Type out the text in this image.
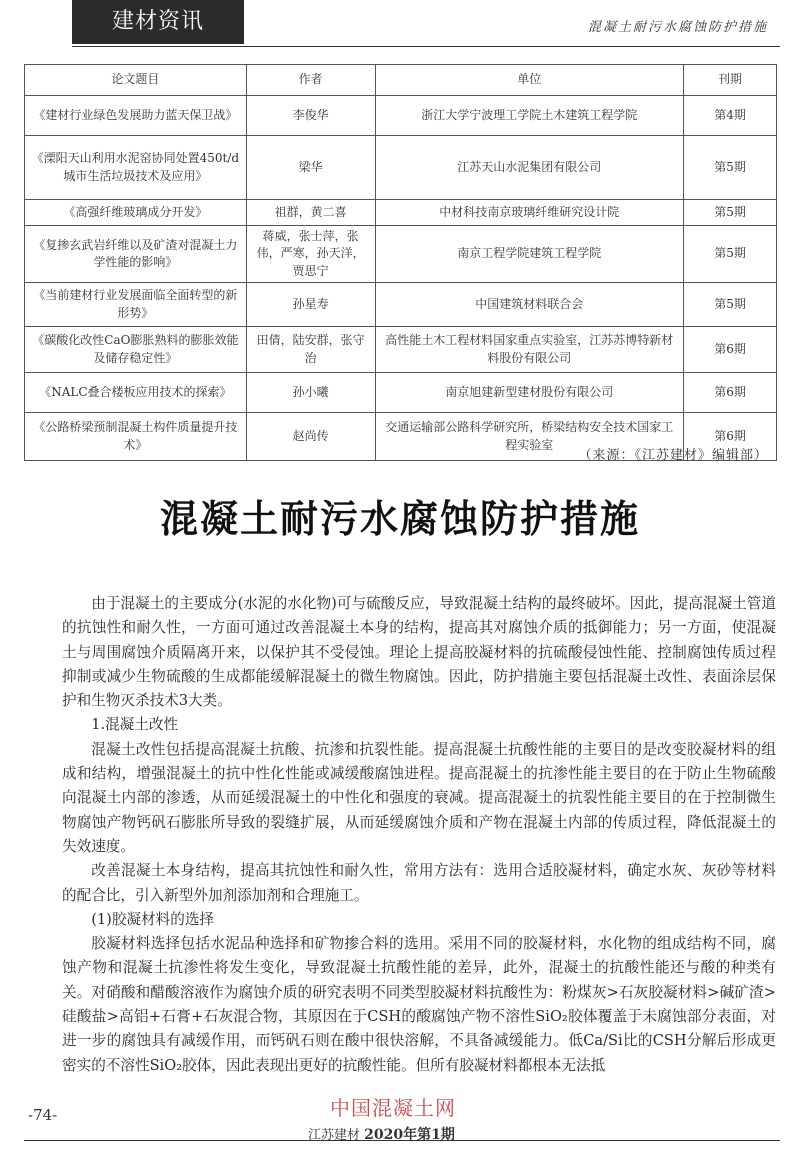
建材资讯	混凝土耐污水腐蚀防护措施
论文题目	作者	单位	刊期
《建材行业绿色发展助力蓝天保卫战》	李俊华	浙江大学宁波理工学院土木建筑工程学院	第4期
《溧阳天山利用水泥窑协同处置450t/d城市生活垃圾技术及应用》	梁华	江苏天山水泥集团有限公司	第5期
《高强纤维玻璃成分开发》	祖群，黄二喜	中材科技南京玻璃纤维研究设计院	第5期
《复掺玄武岩纤维以及矿渣对混凝土力学性能的影响》	蒋威，张士萍，张伟，严寒，孙天洋，贾思宁	南京工程学院建筑工程学院	第5期
《当前建材行业发展面临全面转型的新形势》	孙星寿	中国建筑材料联合会	第5期
《碳酸化改性CaO膨胀熟料的膨胀效能及储存稳定性》	田倩，陆安群，张守治	高性能土木工程材料国家重点实验室，江苏苏博特新材料股份有限公司	第6期
《NALC叠合楼板应用技术的探索》	孙小曦	南京旭建新型建材股份有限公司	第6期
《公路桥梁预制混凝土构件质量提升技术》	赵尚传	交通运输部公路科学研究所，桥梁结构安全技术国家工程实验室	第6期
（来源：《江苏建材》编辑部）
混凝土耐污水腐蚀防护措施

由于混凝土的主要成分(水泥的水化物)可与硫酸反应，导致混凝土结构的最终破坏。因此，提高混凝土管道的抗蚀性和耐久性，一方面可通过改善混凝土本身的结构，提高其对腐蚀介质的抵御能力；另一方面，使混凝土与周围腐蚀介质隔离开来，以保护其不受侵蚀。理论上提高胶凝材料的抗硫酸侵蚀性能、控制腐蚀传质过程抑制或减少生物硫酸的生成都能缓解混凝土的微生物腐蚀。因此，防护措施主要包括混凝土改性、表面涂层保护和生物灭杀技术3大类。

1.混凝土改性

混凝土改性包括提高混凝土抗酸、抗渗和抗裂性能。提高混凝土抗酸性能的主要目的是改变胶凝材料的组成和结构，增强混凝土的抗中性化性能或减缓酸腐蚀进程。提高混凝土的抗渗性能主要目的在于防止生物硫酸向混凝土内部的渗透，从而延缓混凝土的中性化和强度的衰减。提高混凝土的抗裂性能主要目的在于控制微生物腐蚀产物钙矾石膨胀所导致的裂缝扩展，从而延缓腐蚀介质和产物在混凝土内部的传质过程，降低混凝土的失效速度。

改善混凝土本身结构，提高其抗蚀性和耐久性，常用方法有：选用合适胶凝材料，确定水灰、灰砂等材料的配合比，引入新型外加剂添加剂和合理施工。

(1)胶凝材料的选择

胶凝材料选择包括水泥品种选择和矿物掺合料的选用。采用不同的胶凝材料，水化物的组成结构不同，腐蚀产物和混凝土抗渗性将发生变化，导致混凝土抗酸性能的差异，此外，混凝土的抗酸性能还与酸的种类有关。对硝酸和醋酸溶液作为腐蚀介质的研究表明不同类型胶凝材料抗酸性为：粉煤灰>石灰胶凝材料>碱矿渣>硅酸盐>高铝+石膏+石灰混合物，其原因在于CSH的酸腐蚀产物不溶性SiO₂胶体覆盖于未腐蚀部分表面，对进一步的腐蚀具有减缓作用，而钙矾石则在酸中很快溶解，不具备减缓能力。低Ca/Si比的CSH分解后形成更密实的不溶性SiO₂胶体，因此表现出更好的抗酸性能。但所有胶凝材料都根本无法抵

-74-	中国混凝土网
江苏建材 2020年第1期
